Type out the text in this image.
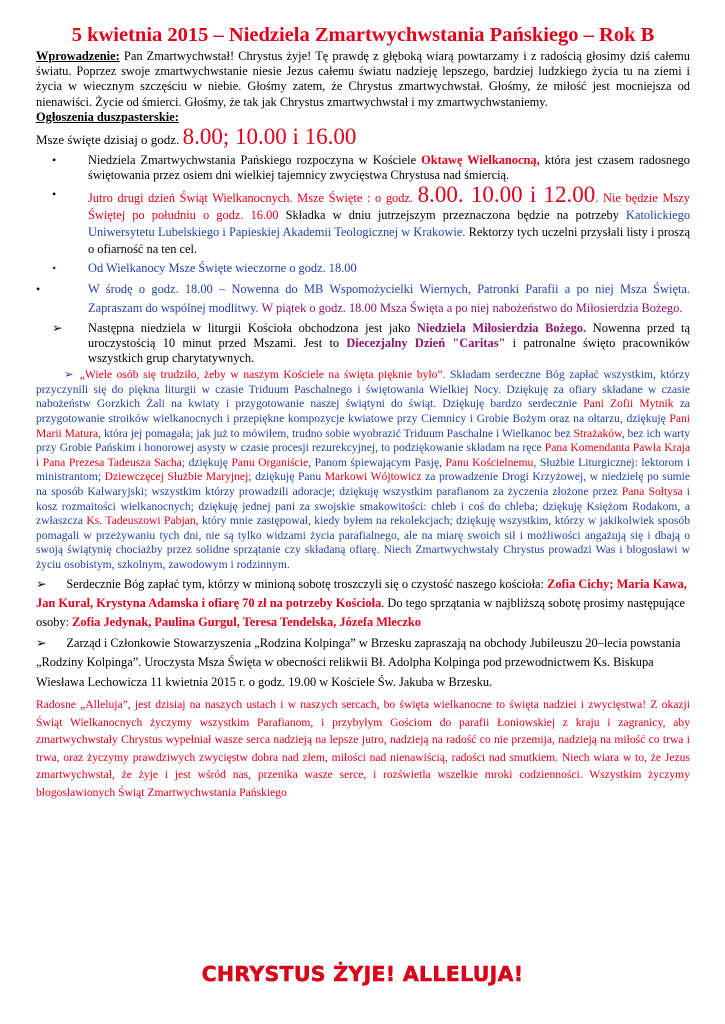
5 kwietnia 2015 – Niedziela Zmartwychwstania Pańskiego – Rok B

Wprowadzenie: Pan Zmartwychwstał! Chrystus żyje! Tę prawdę z głęboką wiarą powtarzamy i z radością głosimy dziś całemu światu. Poprzez swoje zmartwychwstanie niesie Jezus całemu światu nadzieję lepszego, bardziej ludzkiego życia tu na ziemi i życia w wiecznym szczęściu w niebie. Głośmy zatem, że Chrystus zmartwychwstał. Głośmy, że miłość jest mocniejsza od nienawiści. Życie od śmierci. Głośmy, że tak jak Chrystus zmartwychwstał i my zmartwychwstaniemy.

Ogłoszenia duszpasterskie:

Msze święte dzisiaj o godz. 8.00; 10.00 i 16.00

•	Niedziela Zmartwychwstania Pańskiego rozpoczyna w Kościele Oktawę Wielkanocną, która jest czasem radosnego świętowania przez osiem dni wielkiej tajemnicy zwycięstwa Chrystusa nad śmiercią.
•	Jutro drugi dzień Świąt Wielkanocnych. Msze Święte : o godz. 8.00. 10.00 i 12.00. Nie będzie Mszy Świętej po południu o godz. 16.00 Składka w dniu jutrzejszym przeznaczona będzie na potrzeby Katolickiego Uniwersytetu Lubelskiego i Papieskiej Akademii Teologicznej w Krakowie. Rektorzy tych uczelni przysłali listy i proszą o ofiarność na ten cel.
•	Od Wielkanocy Msze Święte wieczorne o godz. 18.00
•	W środę o godz. 18.00 – Nowenna do MB Wspomożycielki Wiernych, Patronki Parafii a po niej Msza Święta. Zapraszam do wspólnej modlitwy. W piątek o godz. 18.00 Msza Święta a po niej nabożeństwo do Miłosierdzia Bożego.
➢	Następna niedziela w liturgii Kościoła obchodzona jest jako Niedziela Miłosierdzia Bożego. Nowenna przed tą uroczystością 10 minut przed Mszami. Jest to Diecezjalny Dzień "Caritas" i patronalne święto pracowników wszystkich grup charytatywnych.

➢ „Wiele osób się trudziło, żeby w naszym Kościele na święta pięknie było”. Składam serdeczne Bóg zapłać wszystkim, którzy przyczynili się do piękna liturgii w czasie Triduum Paschalnego i świętowania Wielkiej Nocy. Dziękuję za ofiary składane w czasie nabożeństw Gorzkich Żali na kwiaty i przygotowanie naszej świątyni do świąt. Dziękuję bardzo serdecznie Pani Zofii Mytnik za przygotowanie stroików wielkanocnych i przepiękne kompozycje kwiatowe przy Ciemnicy i Grobie Bożym oraz na ołtarzu, dziękuję Pani Marii Matura, która jej pomagała; jak już to mówiłem, trudno sobie wyobrazić Triduum Paschalne i Wielkanoc bez Strażaków, bez ich warty przy Grobie Pańskim i honorowej asysty w czasie procesji rezurekcyjnej, to podziękowanie składam na ręce Pana Komendanta Pawła Kraja i Pana Prezesa Tadeusza Sacha; dziękuję Panu Organiście, Panom śpiewającym Pasję, Panu Kościelnemu, Służbie Liturgicznej: lektorom i ministrantom; Dziewczęcej Służbie Maryjnej; dziękuję Panu Markowi Wójtowicz za prowadzenie Drogi Krzyżowej, w niedzielę po sumie na sposób Kalwaryjski; wszystkim którzy prowadzili adoracje; dziękuję wszystkim parafianom za życzenia złożone przez Pana Sołtysa i kosz rozmaitości wielkanocnych; dziękuję jednej pani za swojskie smakowitości: chleb i coś do chleba; dziękuję Księżom Rodakom, a zwłaszcza Ks. Tadeuszowi Pabjan, który mnie zastępował, kiedy byłem na rekolekcjach; dziękuję wszystkim, którzy w jakikolwiek sposób pomagali w przeżywaniu tych dni, nie są tylko widzami życia parafialnego, ale na miarę swoich sił i możliwości angażują się i dbają o swoją świątynię chociażby przez solidne sprzątanie czy składaną ofiarę. Niech Zmartwychwstały Chrystus prowadzi Was i błogosławi w życiu osobistym, szkolnym, zawodowym i rodzinnym.

➢ Serdecznie Bóg zapłać tym, którzy w minioną sobotę troszczyli się o czystość naszego kościoła: Zofia Cichy; Maria Kawa, Jan Kural, Krystyna Adamska i ofiarę 70 zł na potrzeby Kościoła. Do tego sprzątania w najbliższą sobotę prosimy następujące osoby: Zofia Jedynak, Paulina Gurgul, Teresa Tendelska, Józefa Mleczko

➢ Zarząd i Członkowie Stowarzyszenia „Rodzina Kolpinga” w Brzesku zapraszają na obchody Jubileuszu 20–lecia powstania „Rodziny Kolpinga”. Uroczysta Msza Święta w obecności relikwii Bł. Adolpha Kolpinga pod przewodnictwem Ks. Biskupa Wiesława Lechowicza 11 kwietnia 2015 r. o godz. 19.00 w Kościele Św. Jakuba w Brzesku.

Radosne „Alleluja”, jest dzisiaj na naszych ustach i w naszych sercach, bo święta wielkanocne to święta nadziei i zwycięstwa! Z okazji Świąt Wielkanocnych życzymy wszystkim Parafianom, i przybyłym Gościom do parafii Łoniowskiej z kraju i zagranicy, aby zmartwychwstały Chrystus wypełniał wasze serca nadzieją na lepsze jutro, nadzieją na radość co nie przemija, nadzieją na miłość co trwa i trwa, oraz życzymy prawdziwych zwycięstw dobra nad złem, miłości nad nienawiścią, radości nad smutkiem. Niech wiara w to, że Jezus zmartwychwstał, że żyje i jest wśród nas, przenika wasze serce, i rozświetla wszelkie mroki codzienności. Wszystkim życzymy błogosławionych Świąt Zmartwychwstania Pańskiego

CHRYSTUS ŻYJE! ALLELUJA!
